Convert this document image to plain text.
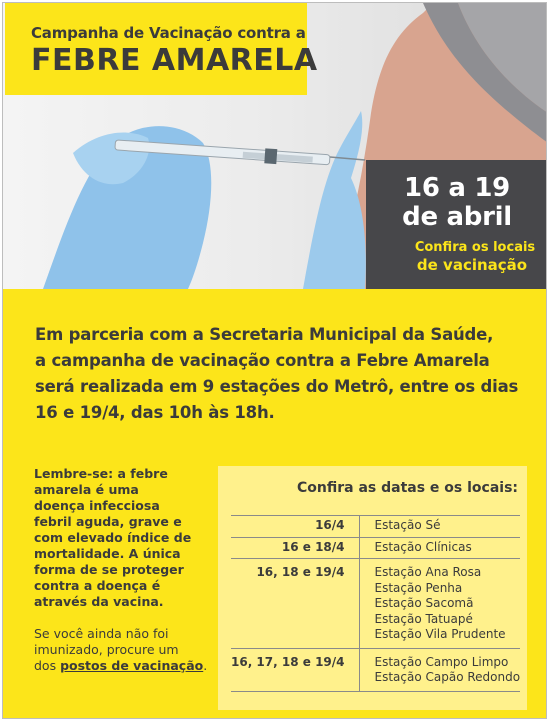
Campanha de Vacinação contra a
FEBRE AMARELA
16 a 19
de abril
Confira os locais
de vacinação
Em parceria com a Secretaria Municipal da Saúde,
a campanha de vacinação contra a Febre Amarela
será realizada em 9 estações do Metrô, entre os dias
16 e 19/4, das 10h às 18h.
Lembre-se: a febre
amarela é uma
doença infecciosa
febril aguda, grave e
com elevado índice de
mortalidade. A única
forma de se proteger
contra a doença é
através da vacina.
Se você ainda não foi
imunizado, procure um
dos postos de vacinação.
Confira as datas e os locais:
16/4	Estação Sé

16 e 18/4	Estação Clínicas

16, 18 e 19/4	Estação Ana Rosa
Estação Penha
Estação Sacomã
Estação Tatuapé
Estação Vila Prudente

16, 17, 18 e 19/4	Estação Campo Limpo
Estação Capão Redondo
